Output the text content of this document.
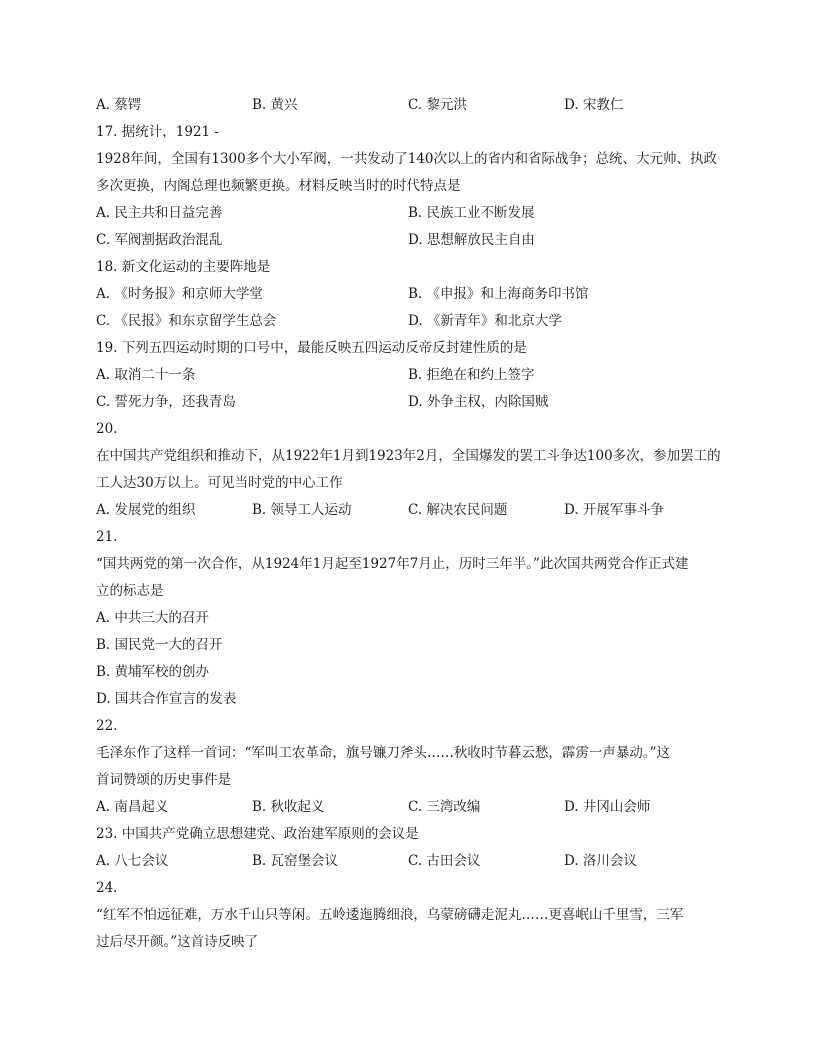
A. 蔡锷	B. 黄兴	C. 黎元洪	D. 宋教仁
17. 据统计，1921 -
1928年间，全国有1300多个大小军阀，一共发动了140次以上的省内和省际战争；总统、大元帅、执政
多次更换，内阁总理也频繁更换。材料反映当时的时代特点是
A. 民主共和日益完善	B. 民族工业不断发展
C. 军阀割据政治混乱	D. 思想解放民主自由
18. 新文化运动的主要阵地是
A. 《时务报》和京师大学堂	B. 《申报》和上海商务印书馆
C. 《民报》和东京留学生总会	D. 《新青年》和北京大学
19. 下列五四运动时期的口号中，最能反映五四运动反帝反封建性质的是
A. 取消二十一条	B. 拒绝在和约上签字
C. 誓死力争，还我青岛	D. 外争主权，内除国贼
20.
在中国共产党组织和推动下，从1922年1月到1923年2月，全国爆发的罢工斗争达100多次，参加罢工的
工人达30万以上。可见当时党的中心工作
A. 发展党的组织	B. 领导工人运动	C. 解决农民问题	D. 开展军事斗争
21.
“国共两党的第一次合作，从1924年1月起至1927年7月止，历时三年半。”此次国共两党合作正式建
立的标志是
A. 中共三大的召开
B. 国民党一大的召开
B. 黄埔军校的创办
D. 国共合作宣言的发表
22.
毛泽东作了这样一首词：“军叫工农革命，旗号镰刀斧头……秋收时节暮云愁，霹雳一声暴动。”这
首词赞颂的历史事件是
A. 南昌起义	B. 秋收起义	C. 三湾改编	D. 井冈山会师
23. 中国共产党确立思想建党、政治建军原则的会议是
A. 八七会议	B. 瓦窑堡会议	C. 古田会议	D. 洛川会议
24.
“红军不怕远征难，万水千山只等闲。五岭逶迤腾细浪，乌蒙磅礴走泥丸……更喜岷山千里雪，三军
过后尽开颜。”这首诗反映了
